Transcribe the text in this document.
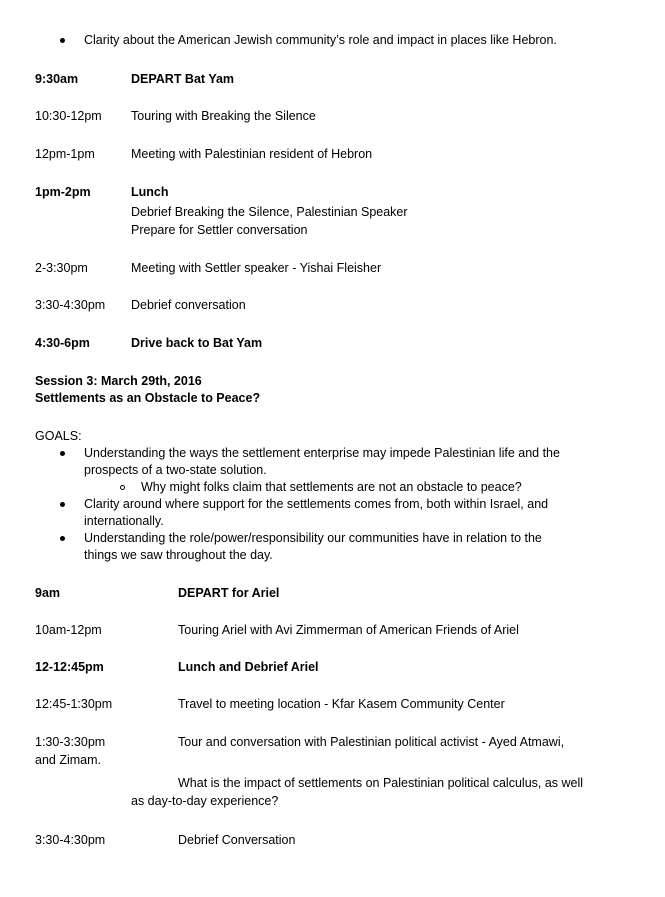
Clarity about the American Jewish community’s role and impact in places like Hebron.
9:30am	DEPART Bat Yam
10:30-12pm Touring with Breaking the Silence
12pm-1pm	Meeting with Palestinian resident of Hebron
1pm-2pm	Lunch
Debrief Breaking the Silence, Palestinian Speaker
Prepare for Settler conversation
2-3:30pm	Meeting with Settler speaker - Yishai Fleisher
3:30-4:30pm Debrief conversation
4:30-6pm	Drive back to Bat Yam
Session 3: March 29th, 2016
Settlements as an Obstacle to Peace?
GOALS:
Understanding the ways the settlement enterprise may impede Palestinian life and the
prospects of a two-state solution.
Why might folks claim that settlements are not an obstacle to peace?
Clarity around where support for the settlements comes from, both within Israel, and
internationally.
Understanding the role/power/responsibility our communities have in relation to the
things we saw throughout the day.
9am	DEPART for Ariel
10am-12pm	Touring Ariel with Avi Zimmerman of American Friends of Ariel
12-12:45pm	Lunch and Debrief Ariel
12:45-1:30pm	Travel to meeting location - Kfar Kasem Community Center
1:30-3:30pm	Tour and conversation with Palestinian political activist - Ayed Atmawi,
and Zimam.
What is the impact of settlements on Palestinian political calculus, as well
as day-to-day experience?
3:30-4:30pm	Debrief Conversation
